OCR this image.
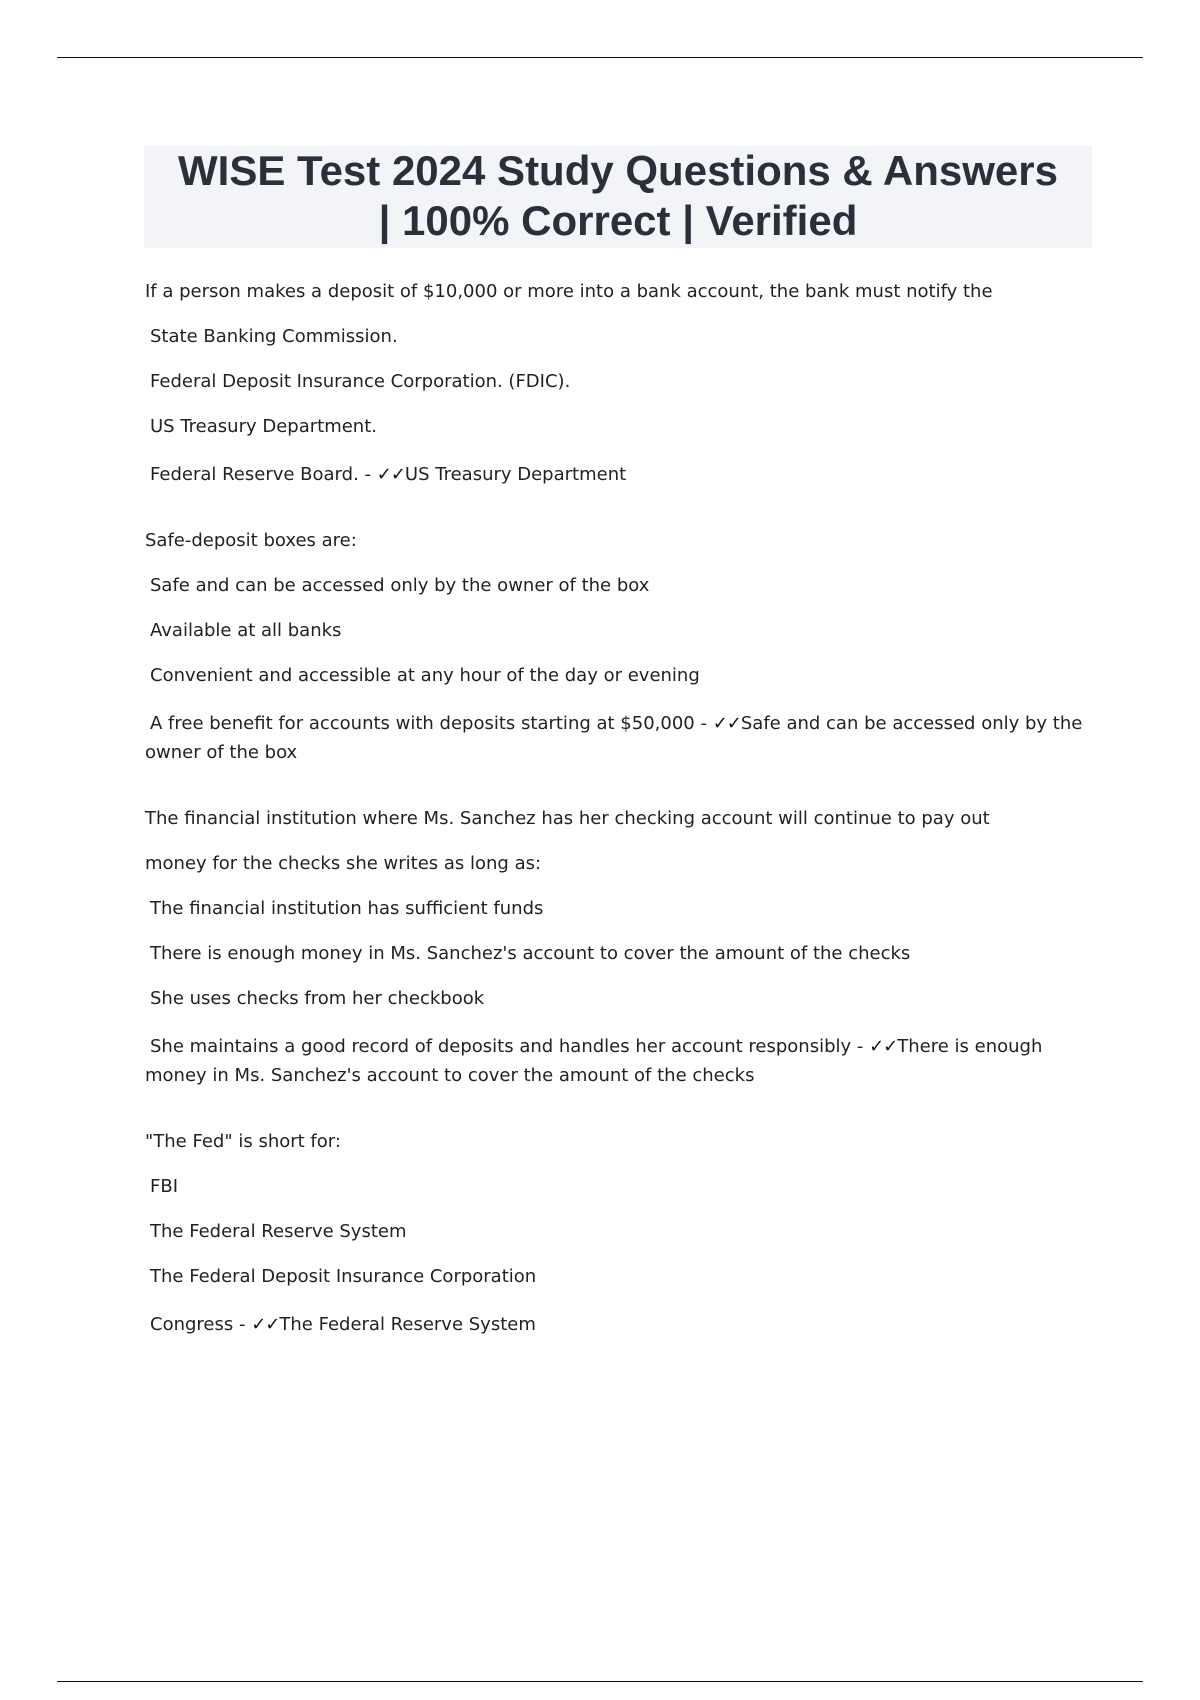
WISE Test 2024 Study Questions & Answers
| 100% Correct | Verified
If a person makes a deposit of $10,000 or more into a bank account, the bank must notify the
State Banking Commission.
Federal Deposit Insurance Corporation. (FDIC).
US Treasury Department.
Federal Reserve Board. - ✓✓US Treasury Department
Safe-deposit boxes are:
Safe and can be accessed only by the owner of the box
Available at all banks
Convenient and accessible at any hour of the day or evening
A free benefit for accounts with deposits starting at $50,000 - ✓✓Safe and can be accessed only by the owner of the box
The financial institution where Ms. Sanchez has her checking account will continue to pay out
money for the checks she writes as long as:
The financial institution has sufficient funds
There is enough money in Ms. Sanchez's account to cover the amount of the checks
She uses checks from her checkbook
She maintains a good record of deposits and handles her account responsibly - ✓✓There is enough money in Ms. Sanchez's account to cover the amount of the checks
"The Fed" is short for:
FBI
The Federal Reserve System
The Federal Deposit Insurance Corporation
Congress - ✓✓The Federal Reserve System
